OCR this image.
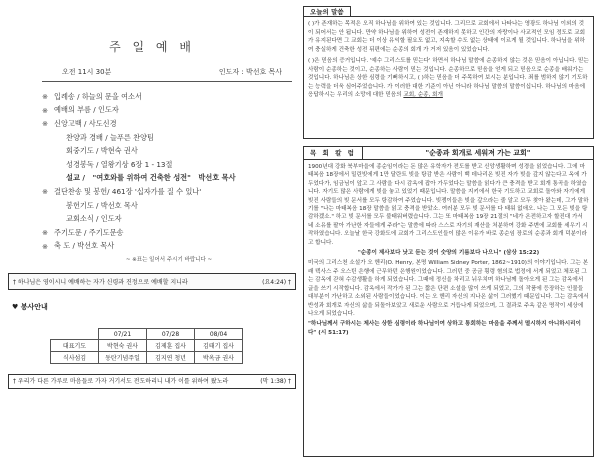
주 일 예 배
오전 11시 30분	인도자 : 박선호 목사
※ 입례송 / 하늘의 문을 여소서
※ 예배의 부름 / 인도자
※ 신앙고백 / 사도신경
찬양과 경배 / 늘푸른 찬양팀
회중기도 / 박현숙 권사
성경봉독 / 열왕기상 6장 1 - 13절
설교 /   "여호와를 위하여 건축한 성전"   박선호 목사
※ 결단찬송 및 봉헌/ 461장 '십자가를 질 수 있나'
봉헌기도 / 박선호 목사
교회소식 / 인도자
※ 주기도문 / 주기도문송
※ 축 도 / 박선호 목사
~ ※표는 일어서 주시기 바랍니다 ~
† 하나님은 영이시니 예배하는 자가 신령과 진정으로 예배할 지니라	(요4:24) †
♥ 봉사안내
	07/21	07/28	08/04
대표기도	박현숙 권사	김제훈 집사	김태기 집사
식사섬김	동탄기념주일	김지연 청년	박옥금 권사
† 우리가 다른 가루로 마음들로 가자 거기서도 전도하리니 내가 이를 위하여 왔노라	(막 1:38) †
오늘의 말씀

( )가 존재하는 목적은 오직 하나님을 위하여 있는 것입니다. 그리므로 교회에서 나타나는 영광도 하나님 이외의 것이 되어서는 안 됩니다. 만약 하나님을 위하여 성전이 존재하지 못하고 인간의 자랑이나 사교적인 모임 정도로 교회가 유지된다면 그 교회는 더 이상 유익할 필요도 없고, 지속할 수도 없는 상태에 이르게 될 것입니다. 하나님을 위하여 충실하게 건축한 성전 뒤편에는 순종의 회개 가 거저 있음이 있었습니다.

( )은 믿음의 증거입니다. '예수 그리스도를 믿는다' 하면서 하나님 말씀에 순종하지 않는 것은 믿음이 아닙니다. 믿는 사람이 순종하는 것이고, 순종하는 사람이 믿는 것입니다. 순종하므로 믿음을 얻게 되고 믿음으로 순종을 배워가는 것입니다. 하나님은 상한 심령을 기뻐하시고, ( )하는 믿음을 더 주목하여 보시는 분입니다. 죄를 범하지 않기 기도하는 능력을 더욱 심어주었습니다. 가 이러한 대한 기준이 아닌 아니라 하나님 말씀의 말씀이십니다. 하나님의 마음에 응답하시는 우리의 소망에 대한 믿음의 교회, 순종, 회개

목 회 칼 럼	"순종과 회개로 세워져 가는 교회"

1900년대 강화 북부마을에 종순임이라는 돈 많은 유학자가 전도를 받고 신앙생활하며 성경을 읽었습니다. 그에 마태복음 18장에서 밀린빚에게 1만 달란트 빚을 탕감 받은 사람이 백 데나리온 빚진 자가 빚을 갚지 않는다고 옥에 가두었다가, 임금님이 앞고 그 사람을 다시 감옥에 잡아 가두었다는 말씀을 읽다가 큰 충격을 받고 회개 통곡을 하였습니다. 자기도 많은 사람에게 빚을 놓고 있었기 때문입니다. 말씀을 지키에서 한국 기도하고 교회로 돌아와 자기에게 빚진 사람들의 빚 문서를 모두 탕감하여 주었습니다. 빚쟁이들은 빚을 갚으라는 줄 알고 모두 찾아 왔는데, 그가 말하기를 "나는 마태복음 18장 말씀을 읽고 충격을 받았소. 여러분 모두 빚 문서를 다 태워 없애오. 나는 그 모든 빚을 탕감하겠소." 하고 빚 문서를 모두 불태워버렸습니다. 그는 또 마태복음 19장 21절의 "네가 온전하고자 할진대 가서 네 소유를 팔아 가난한 자들에게 주라"는 말씀에 따라 스스로 자기의 재산을 처분하여 강화 주변에 교회를 세우기 시작하였습니다. 오늘날 한국 강화도에 교회가 그리스도인들이 많은 이유가 바로 종순임 장로의 순종과 회개 덕분이라고 합니다.

"순종이 제사보다 낫고 듣는 것이 숫양의 기름보다 나으니" (삼상 15:22)

미국의 그리스천 소설가 오 헨리(O. Henry, 본명 William Sidney Porter, 1862~1910)의 이야기입니다. 그는 본래 텍사스 주 오스틴 은행에 근무하던 은행원이었습니다. 그러던 중 공금 횡령 혐의로 법정에 서게 되었고 체포된 그는 감옥에 갇혀 수감생활을 하게 되었습니다. 그때에 정신을 차리고 뉘우치며 하나님께 돌아오게 된 그는 감옥에서 글을 쓰기 시작합니다. 감옥에서 작가가 된 그는 짧은 단편 소설을 많이 쓰게 되었고, 그의 작품에 등장하는 인물들 대부분이 가난하고 소외된 사람들이었습니다. 이는 오 헨리 자신의 지나온 삶이 그러했기 때문입니다. 그는 감옥에서 반성과 회개로 자신의 삶을 되돌아보았고 새로운 사람으로 거듭나게 되었으며, 그 결과로 주옥 같은 명작이 세상에 나오게 되었습니다.

"하나님께서 구하시는 제사는 상한 심령이라 하나님이여 상하고 통회하는 마음을 주께서 멸시하지 아니하시리이다" (시 51:17)
